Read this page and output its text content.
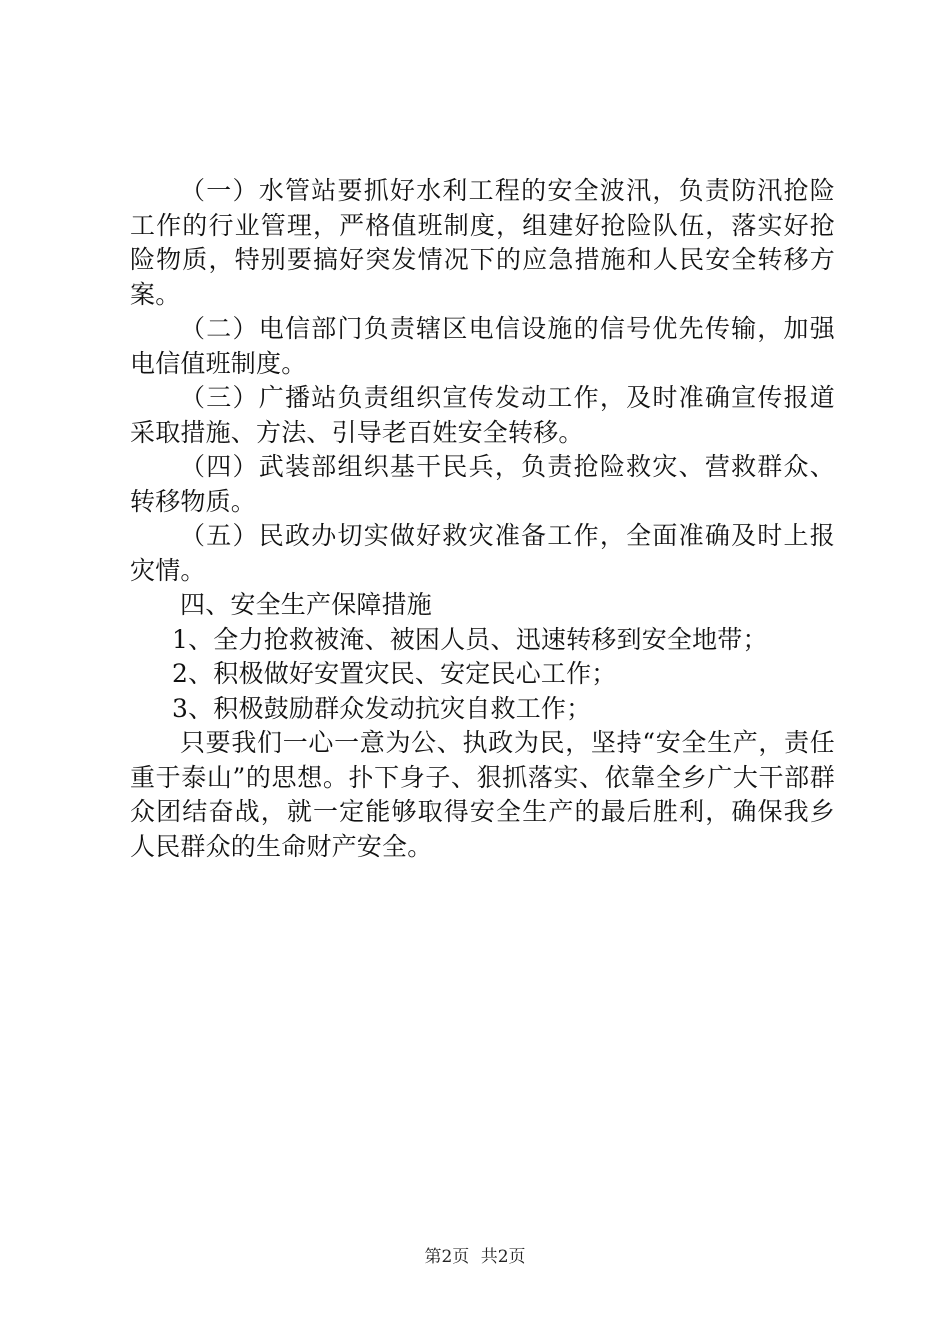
（一）水管站要抓好水利工程的安全波汛，负责防汛抢险工作的行业管理，严格值班制度，组建好抢险队伍，落实好抢险物质，特别要搞好突发情况下的应急措施和人民安全转移方案。

（二）电信部门负责辖区电信设施的信号优先传输，加强电信值班制度。

（三）广播站负责组织宣传发动工作，及时准确宣传报道采取措施、方法、引导老百姓安全转移。

（四）武装部组织基干民兵，负责抢险救灾、营救群众、转移物质。

（五）民政办切实做好救灾准备工作，全面准确及时上报灾情。

四、安全生产保障措施

1、全力抢救被淹、被困人员、迅速转移到安全地带；

2、积极做好安置灾民、安定民心工作；

3、积极鼓励群众发动抗灾自救工作；

只要我们一心一意为公、执政为民，坚持“安全生产，责任重于泰山”的思想。扑下身子、狠抓落实、依靠全乡广大干部群众团结奋战，就一定能够取得安全生产的最后胜利，确保我乡人民群众的生命财产安全。

第2页 共2页
